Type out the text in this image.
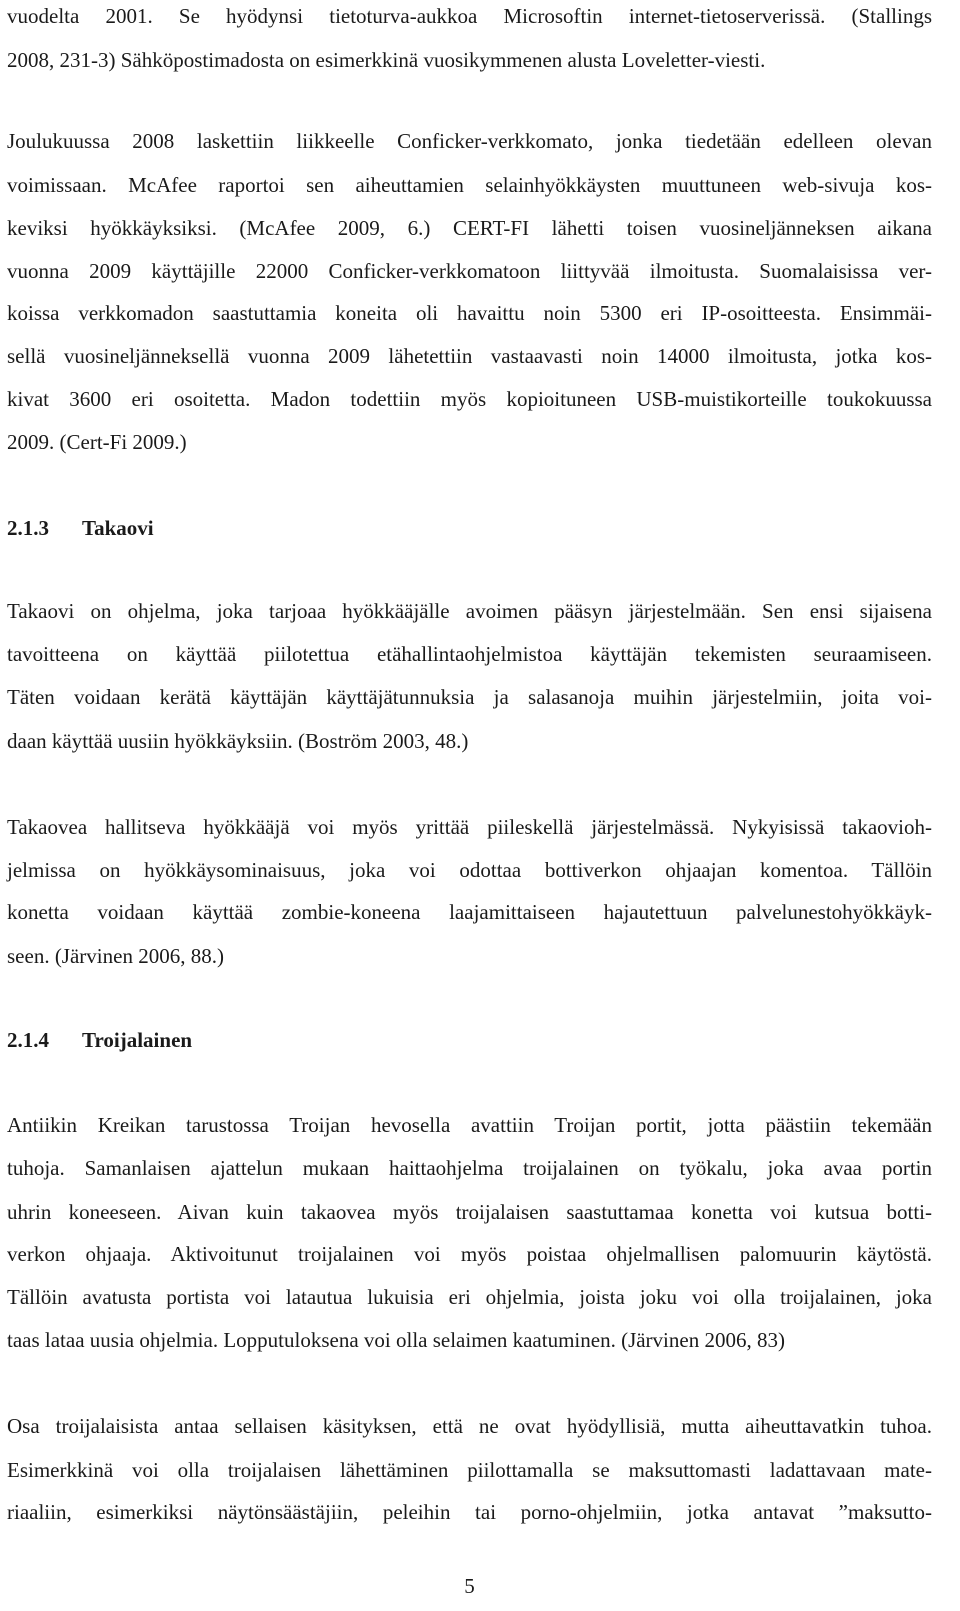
vuodelta 2001. Se hyödynsi tietoturva-aukkoa Microsoftin internet-tietoserverissä. (Stallings
2008, 231-3) Sähköpostimadosta on esimerkkinä vuosikymmenen alusta Loveletter-viesti.
Joulukuussa 2008 laskettiin liikkeelle Conficker-verkkomato, jonka tiedetään edelleen olevan
voimissaan. McAfee raportoi sen aiheuttamien selainhyökkäysten muuttuneen web-sivuja kos-
keviksi hyökkäyksiksi. (McAfee 2009, 6.) CERT-FI lähetti toisen vuosineljänneksen aikana
vuonna 2009 käyttäjille 22000 Conficker-verkkomatoon liittyvää ilmoitusta. Suomalaisissa ver-
koissa verkkomadon saastuttamia koneita oli havaittu noin 5300 eri IP-osoitteesta. Ensimmäi-
sellä vuosineljänneksellä vuonna 2009 lähetettiin vastaavasti noin 14000 ilmoitusta, jotka kos-
kivat 3600 eri osoitetta. Madon todettiin myös kopioituneen USB-muistikorteille toukokuussa
2009. (Cert-Fi 2009.)
2.1.3 Takaovi
Takaovi on ohjelma, joka tarjoaa hyökkääjälle avoimen pääsyn järjestelmään. Sen ensi sijaisena
tavoitteena on käyttää piilotettua etähallintaohjelmistoa käyttäjän tekemisten seuraamiseen.
Täten voidaan kerätä käyttäjän käyttäjätunnuksia ja salasanoja muihin järjestelmiin, joita voi-
daan käyttää uusiin hyökkäyksiin. (Boström 2003, 48.)
Takaovea hallitseva hyökkääjä voi myös yrittää piileskellä järjestelmässä. Nykyisissä takaovioh-
jelmissa on hyökkäysominaisuus, joka voi odottaa bottiverkon ohjaajan komentoa. Tällöin
konetta voidaan käyttää zombie-koneena laajamittaiseen hajautettuun palvelunestohyökkäyk-
seen. (Järvinen 2006, 88.)
2.1.4 Troijalainen
Antiikin Kreikan tarustossa Troijan hevosella avattiin Troijan portit, jotta päästiin tekemään
tuhoja. Samanlaisen ajattelun mukaan haittaohjelma troijalainen on työkalu, joka avaa portin
uhrin koneeseen. Aivan kuin takaovea myös troijalaisen saastuttamaa konetta voi kutsua botti-
verkon ohjaaja. Aktivoitunut troijalainen voi myös poistaa ohjelmallisen palomuurin käytöstä.
Tällöin avatusta portista voi latautua lukuisia eri ohjelmia, joista joku voi olla troijalainen, joka
taas lataa uusia ohjelmia. Lopputuloksena voi olla selaimen kaatuminen. (Järvinen 2006, 83)
Osa troijalaisista antaa sellaisen käsityksen, että ne ovat hyödyllisiä, mutta aiheuttavatkin tuhoa.
Esimerkkinä voi olla troijalaisen lähettäminen piilottamalla se maksuttomasti ladattavaan mate-
riaaliin, esimerkiksi näytönsäästäjiin, peleihin tai porno-ohjelmiin, jotka antavat ”maksutto-
5
